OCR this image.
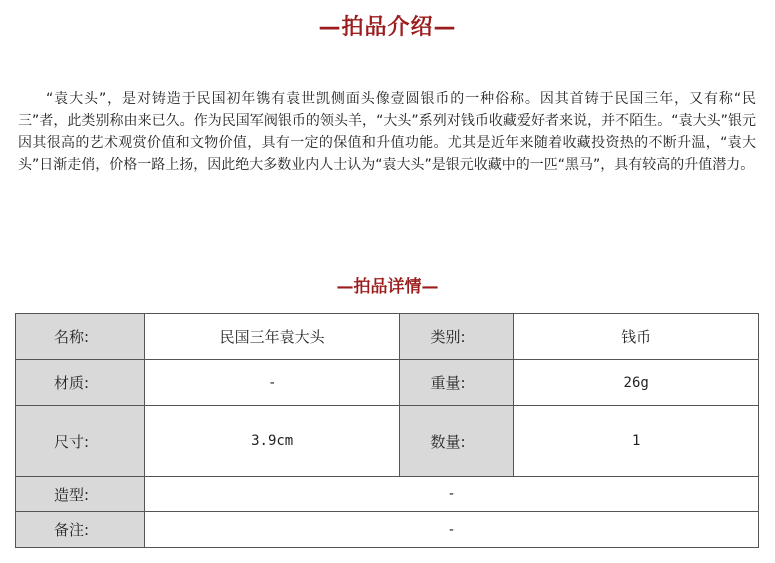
—拍品介绍—

“袁大头”，是对铸造于民国初年镌有袁世凯侧面头像壹圆银币的一种俗称。因其首铸于民国三年，又有称“民三”者，此类别称由来已久。作为民国军阀银币的领头羊，“大头”系列对钱币收藏爱好者来说，并不陌生。“袁大头”银元因其很高的艺术观赏价值和文物价值，具有一定的保值和升值功能。尤其是近年来随着收藏投资热的不断升温，“袁大头”日渐走俏，价格一路上扬，因此绝大多数业内人士认为“袁大头”是银元收藏中的一匹“黑马”，具有较高的升值潜力。

—拍品详情—
名称:	民国三年袁大头	类别:	钱币
材质:	-	重量:	26g
尺寸:	3.9cm	数量:	1
造型:	-		
备注:	-		
